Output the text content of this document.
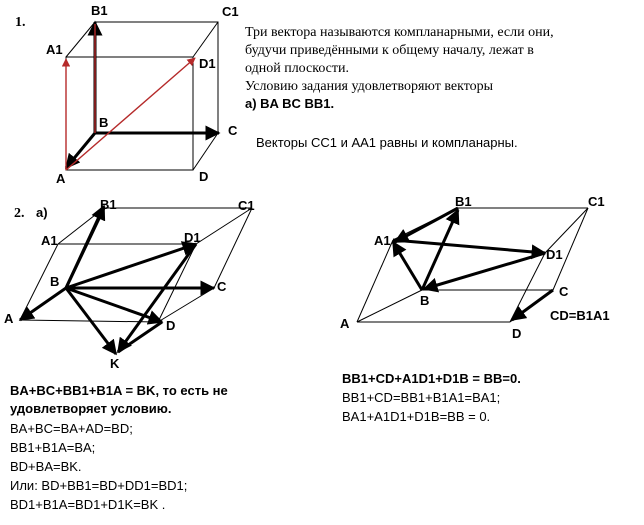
1.
B1	C1
A1
D1
B
C
A	D
Три вектора называются компланарными, если они,
будучи приведёнными к общему началу, лежат в
одной плоскости.
Условию задания удовлетворяют векторы
а) BA BC BB1.
Векторы CC1 и AA1 равны и компланарны.
2. а)
B1	C1
A1	D1
B	C
A	D
K
B1	C1
A1
D1
B
C
A
D
CD=B1A1
BA+BC+BB1+B1A = BK, то есть не
удовлетворяет условию.
BA+BC=BA+AD=BD;
BB1+B1A=BA;
BD+BA=BK.
Или: BD+BB1=BD+DD1=BD1;
BD1+B1A=BD1+D1K=BK .
BB1+CD+A1D1+D1B = BB=0.
BB1+CD=BB1+B1A1=BA1;
BA1+A1D1+D1B=BB = 0.
